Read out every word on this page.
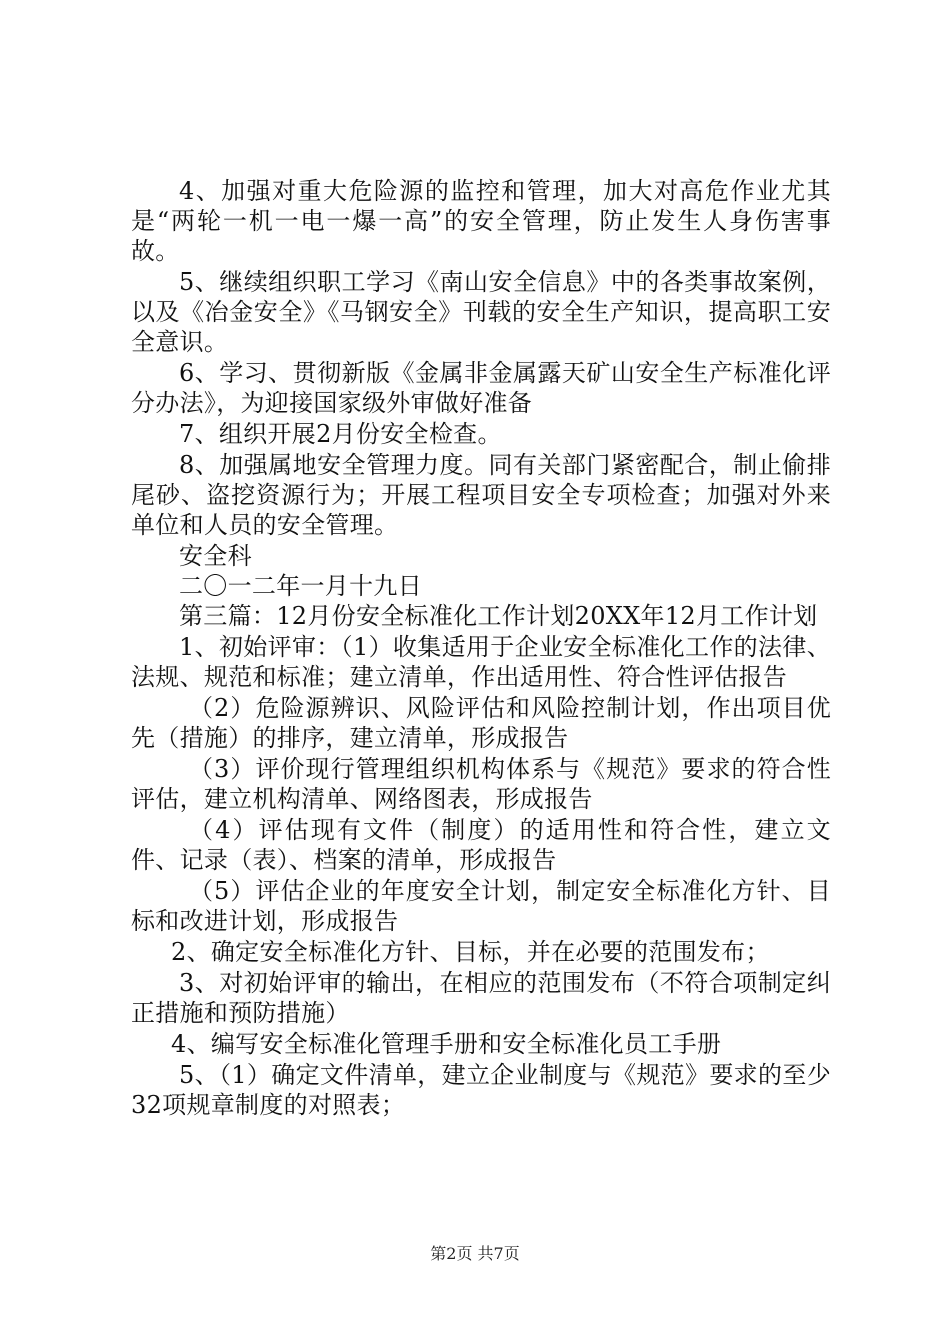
4、加强对重大危险源的监控和管理，加大对高危作业尤其是“两轮一机一电一爆一高”的安全管理，防止发生人身伤害事故。

5、继续组织职工学习《南山安全信息》中的各类事故案例，以及《冶金安全》《马钢安全》刊载的安全生产知识，提高职工安全意识。

6、学习、贯彻新版《金属非金属露天矿山安全生产标准化评分办法》，为迎接国家级外审做好准备

7、组织开展2月份安全检查。

8、加强属地安全管理力度。同有关部门紧密配合，制止偷排尾砂、盗挖资源行为；开展工程项目安全专项检查；加强对外来单位和人员的安全管理。

安全科

二〇一二年一月十九日

第三篇：12月份安全标准化工作计划20XX年12月工作计划

1、初始评审：（1）收集适用于企业安全标准化工作的法律、法规、规范和标准；建立清单，作出适用性、符合性评估报告

（2）危险源辨识、风险评估和风险控制计划，作出项目优先（措施）的排序，建立清单，形成报告

（3）评价现行管理组织机构体系与《规范》要求的符合性评估，建立机构清单、网络图表，形成报告

（4）评估现有文件（制度）的适用性和符合性，建立文件、记录（表）、档案的清单，形成报告

（5）评估企业的年度安全计划，制定安全标准化方针、目标和改进计划，形成报告

2、确定安全标准化方针、目标，并在必要的范围发布；

3、对初始评审的输出，在相应的范围发布（不符合项制定纠正措施和预防措施）

4、编写安全标准化管理手册和安全标准化员工手册

5、（1）确定文件清单，建立企业制度与《规范》要求的至少32项规章制度的对照表；

第2页 共7页
